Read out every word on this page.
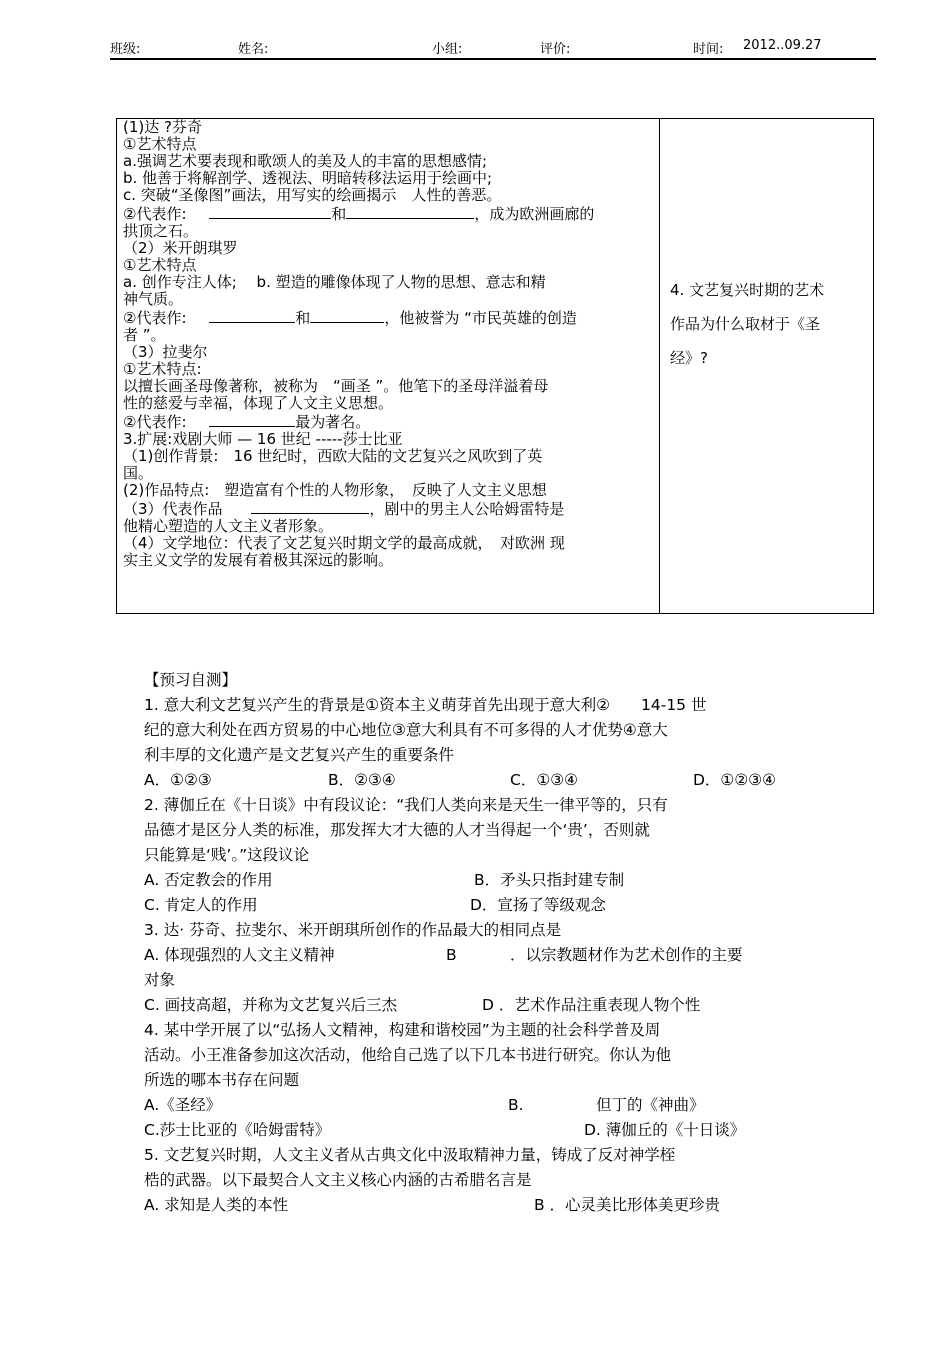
班级:	姓名:	小组:	评价:	时间: 2012..09.27
(1)达 ?芬奇
①艺术特点
a.强调艺术要表现和歌颂人的美及人的丰富的思想感情;
b. 他善于将解剖学、透视法、明暗转移法运用于绘画中;
c. 突破“圣像图”画法，用写实的绘画揭示　人性的善恶。
②代表作:	和	，成为欧洲画廊的
拱顶之石。
（2）米开朗琪罗
①艺术特点
a. 创作专注人体;　 b. 塑造的雕像体现了人物的思想、意志和精
神气质。
②代表作:	和	，他被誉为 “市民英雄的创造
者 ”。
（3）拉斐尔
①艺术特点:
以擅长画圣母像著称，被称为　“画圣 ”。他笔下的圣母洋溢着母
性的慈爱与幸福，体现了人文主义思想。
②代表作:	最为著名。
3.扩展:戏剧大师 — 16 世纪 -----莎士比亚
（1)创作背景:　16 世纪时，西欧大陆的文艺复兴之风吹到了英
国。
(2)作品特点:　塑造富有个性的人物形象，　反映了人文主义思想
（3）代表作品	，剧中的男主人公哈姆雷特是
他精心塑造的人文主义者形象。
（4）文学地位：代表了文艺复兴时期文学的最高成就，　对欧洲 现
实主义文学的发展有着极其深远的影响。
4. 文艺复兴时期的艺术
作品为什么取材于《圣
经》?
【预习自测】
1. 意大利文艺复兴产生的背景是①资本主义萌芽首先出现于意大利②　　14-15 世
纪的意大利处在西方贸易的中心地位③意大利具有不可多得的人才优势④意大
利丰厚的文化遗产是文艺复兴产生的重要条件
A．①②③	B．②③④	C．①③④	D．①②③④
2. 薄伽丘在《十日谈》中有段议论：“我们人类向来是天生一律平等的，只有
品德才是区分人类的标准，那发挥大才大德的人才当得起一个‘贵’，否则就
只能算是‘贱’。”这段议论
A. 否定教会的作用	B．矛头只指封建专制
C. 肯定人的作用	D．宣扬了等级观念
3. 达· 芬奇、拉斐尔、米开朗琪所创作的作品最大的相同点是
A. 体现强烈的人文主义精神	B	．以宗教题材作为艺术创作的主要
对象
C. 画技高超，并称为文艺复兴后三杰	D ．艺术作品注重表现人物个性
4. 某中学开展了以“弘扬人文精神，构建和谐校园”为主题的社会科学普及周
活动。小王准备参加这次活动，他给自己选了以下几本书进行研究。你认为他
所选的哪本书存在问题
A.《圣经》	B.	但丁的《神曲》
C.莎士比亚的《哈姆雷特》	D. 薄伽丘的《十日谈》
5. 文艺复兴时期，人文主义者从古典文化中汲取精神力量，铸成了反对神学桎
梏的武器。以下最契合人文主义核心内涵的古希腊名言是
A. 求知是人类的本性	B ．心灵美比形体美更珍贵
